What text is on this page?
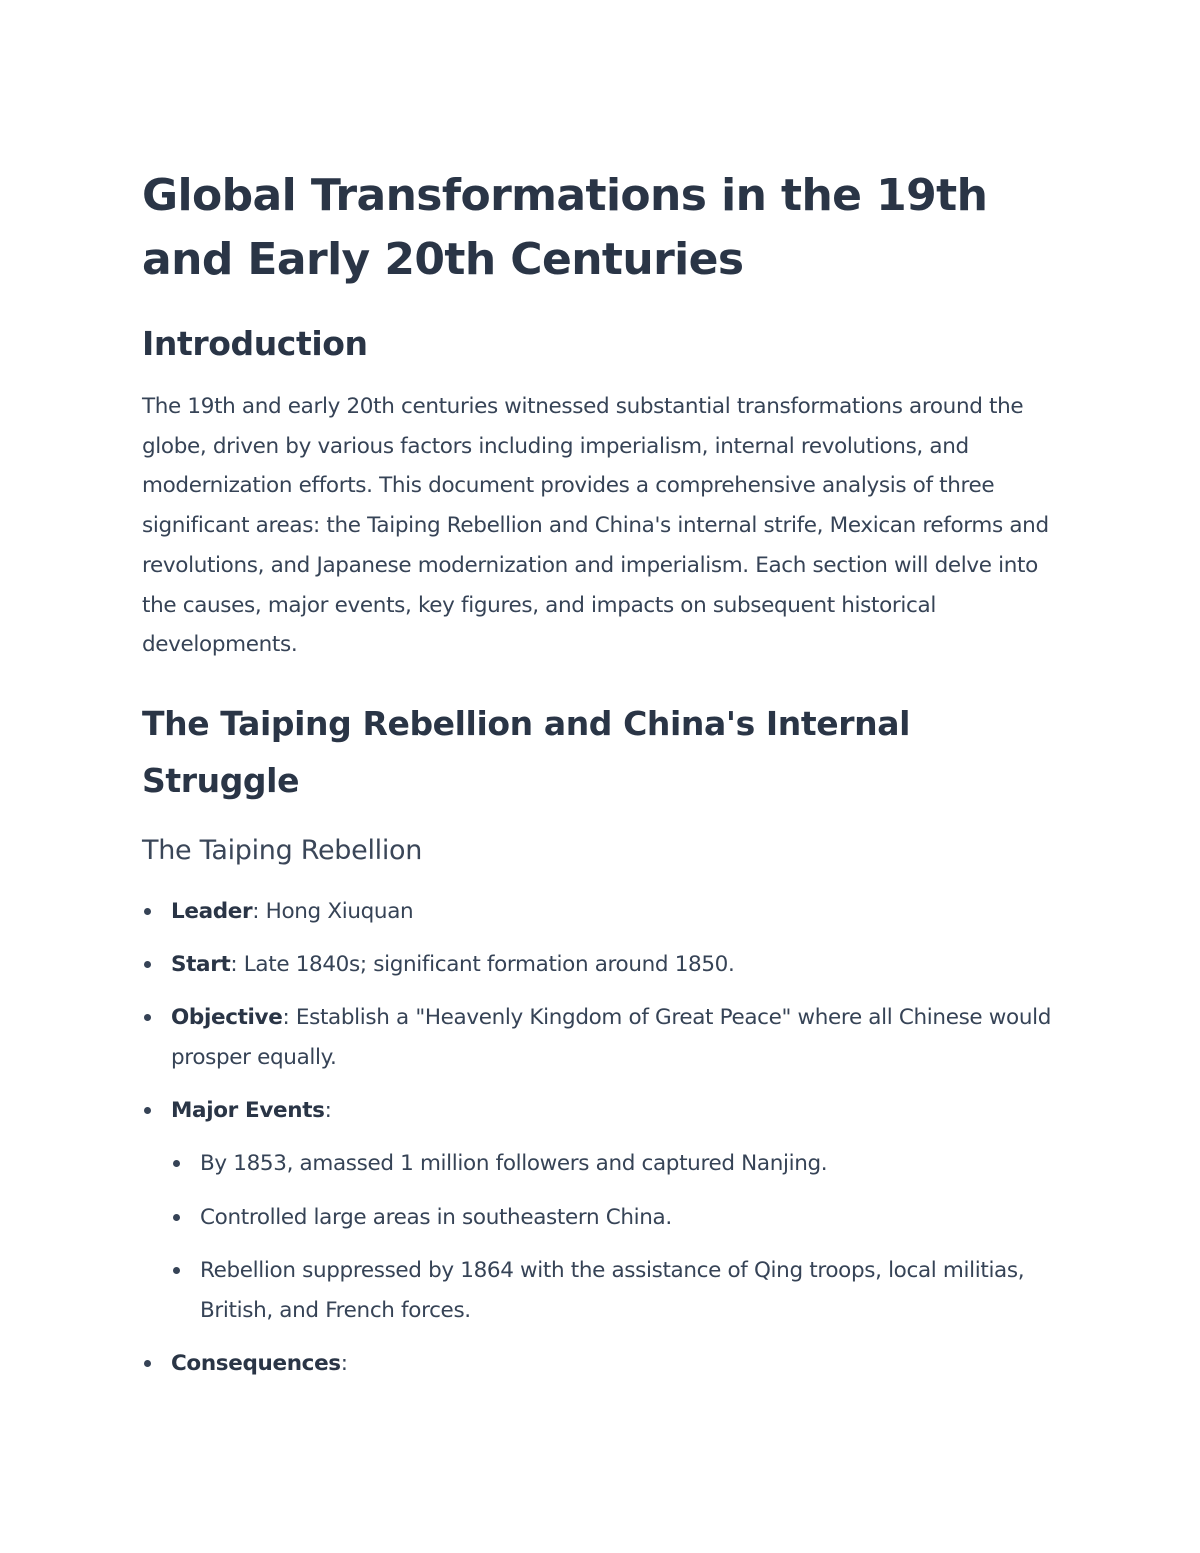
Global Transformations in the 19th and Early 20th Centuries
Introduction

The 19th and early 20th centuries witnessed substantial transformations around the globe, driven by various factors including imperialism, internal revolutions, and modernization efforts. This document provides a comprehensive analysis of three significant areas: the Taiping Rebellion and China's internal strife, Mexican reforms and revolutions, and Japanese modernization and imperialism. Each section will delve into the causes, major events, key figures, and impacts on subsequent historical developments.

The Taiping Rebellion and China's Internal Struggle
The Taiping Rebellion
Leader: Hong Xiuquan
Start: Late 1840s; significant formation around 1850.
Objective: Establish a "Heavenly Kingdom of Great Peace" where all Chinese would prosper equally.
Major Events:
By 1853, amassed 1 million followers and captured Nanjing.
Controlled large areas in southeastern China.
Rebellion suppressed by 1864 with the assistance of Qing troops, local militias, British, and French forces.
Consequences:
